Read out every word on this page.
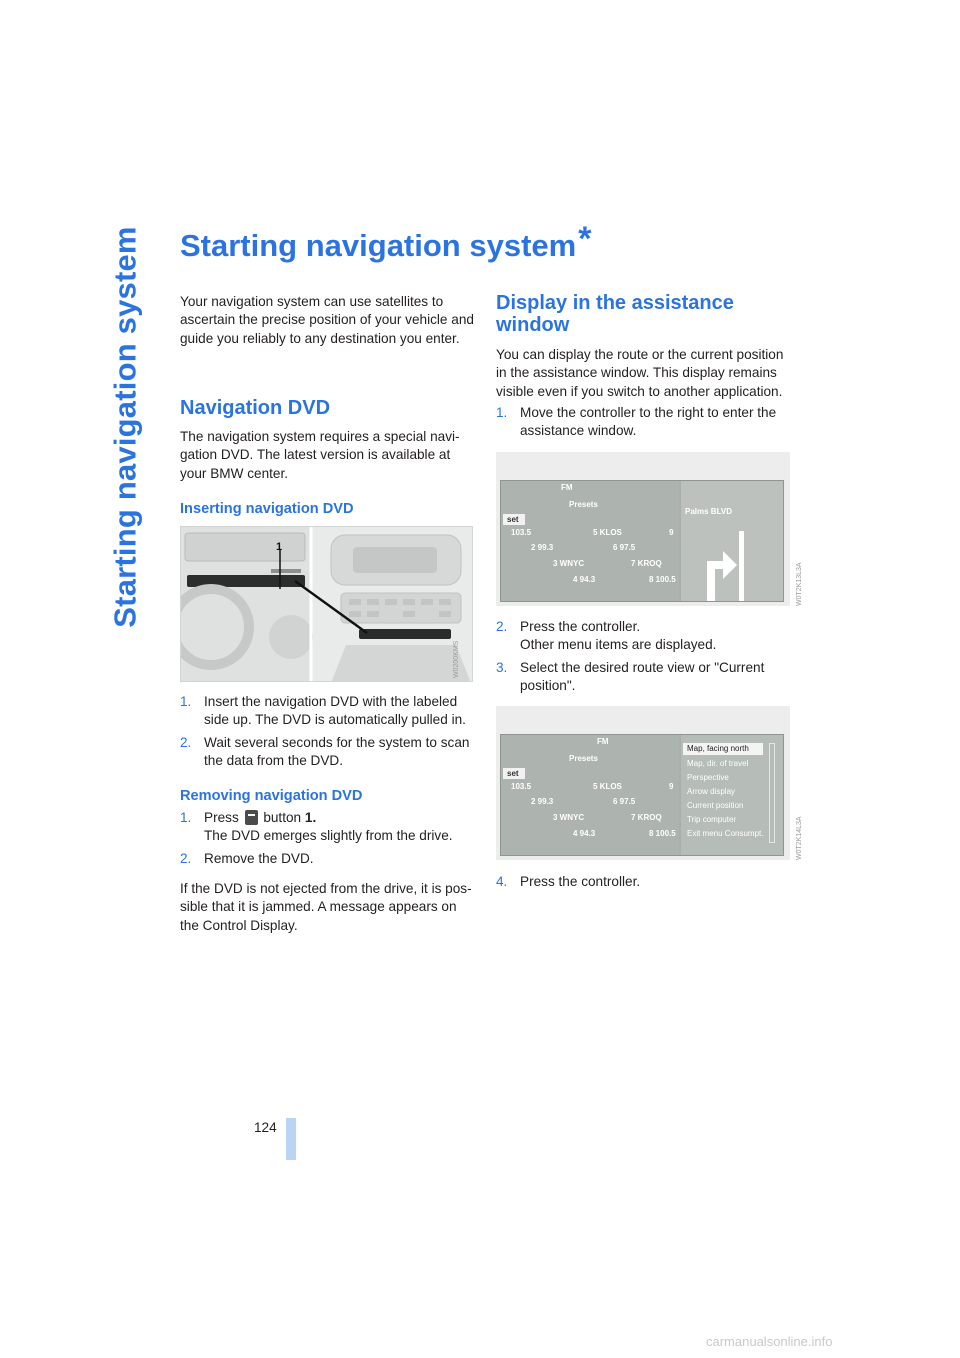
Starting navigation system Starting navigation system*

Your navigation system can use satellites to ascertain the precise position of your vehicle and guide you reliably to any destination you enter.

Navigation DVD

The navigation system requires a special navi-gation DVD. The latest version is available at your BMW center.

Inserting navigation DVD
1
W0200KMS
1. Insert the navigation DVD with the labeled side up. The DVD is automatically pulled in.
2. Wait several seconds for the system to scan the data from the DVD.
Removing navigation DVD
1. Press button 1.
The DVD emerges slightly from the drive.
2. Remove the DVD.

If the DVD is not ejected from the drive, it is pos-sible that it is jammed. A message appears on the Control Display.

Display in the assistance window

You can display the route or the current position in the assistance window. This display remains visible even if you switch to another application.

1. Move the controller to the right to enter the assistance window.
FM
Presets
set
103.5	5 KLOS	9
2 99.3	6 97.5
3 WNYC	7 KROQ
4 94.3	8 100.5
Palms BLVD
W0T2K13L3A
2. Press the controller.
Other menu items are displayed.
3. Select the desired route view or "Current position".
FM
Presets
set
103.5	5 KLOS	9
2 99.3	6 97.5
3 WNYC	7 KROQ
4 94.3	8 100.5
Map, facing north
Map, dir. of travel
Perspective
Arrow display
Current position
Trip computer
Exit menu Consumpt.	W0T2K14L3A
4. Press the controller.
124
carmanualsonline.info
